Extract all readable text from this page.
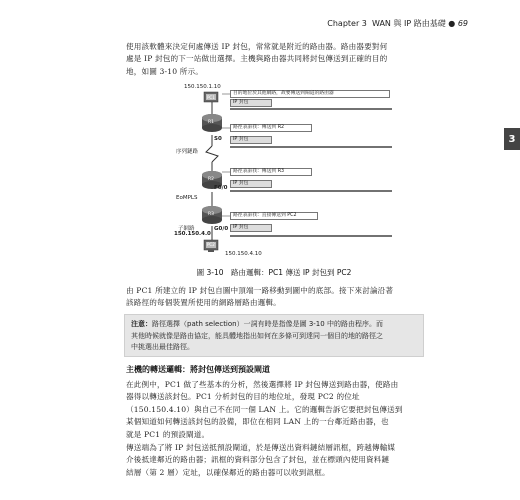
Chapter 3 WAN 與 IP 路由基礎 ● 69
3
使用該軟體來決定何處傳送 IP 封包，常常就是附近的路由器。路由器要對何
處是 IP 封包的下一站做出選擇。主機與路由器共同將封包傳送到正確的目的
地，如圖 3-10 所示。
150.150.1.10
PC1
目的地位於其他網路，故要傳送到閘道的路由器
IP 封包
R1
路徑表訴我：傳送到 R2
IP 封包
S0
序列鏈路
R2
路徑表訴我：傳送到 R3
IP 封包
F0/0
EoMPLS
R3	路徑表訴我：直接傳送到 PC2
IP 封包
G0/0
子網路
150.150.4.0
PC2
150.150.4.10
圖 3-10　路由邏輯：PC1 傳送 IP 封包到 PC2
由 PC1 所建立的 IP 封包自圖中頂端一路移動到圖中的底部。接下來討論沿著
該路徑的每個裝置所使用的網路層路由邏輯。
注意：路徑選擇（path selection）一詞有時是指像是圖 3-10 中的路由程序。而
其他時候就像是路由協定，能具體地指出如何在多條可到達同一個目的地的路徑之
中挑選出最佳路徑。
主機的轉送邏輯：將封包傳送到預設閘道
在此例中，PC1 做了些基本的分析，然後選擇將 IP 封包傳送到路由器，使路由
器得以轉送該封包。PC1 分析封包的目的地位址，發現 PC2 的位址
（150.150.4.10）與自己不在同一個 LAN 上。它的邏輯告訴它要把封包傳送到
某個知道如何轉送該封包的設備，即位在相同 LAN 上的一台鄰近路由器，也
就是 PC1 的預設閘道。
傳送端為了將 IP 封包送抵預設閘道，於是傳送出資料鏈結層訊框，跨越傳輸媒
介後抵達鄰近的路由器；訊框的資料部分包含了封包，並在標頭內使用資料鏈
結層（第 2 層）定址，以確保鄰近的路由器可以收到訊框。
